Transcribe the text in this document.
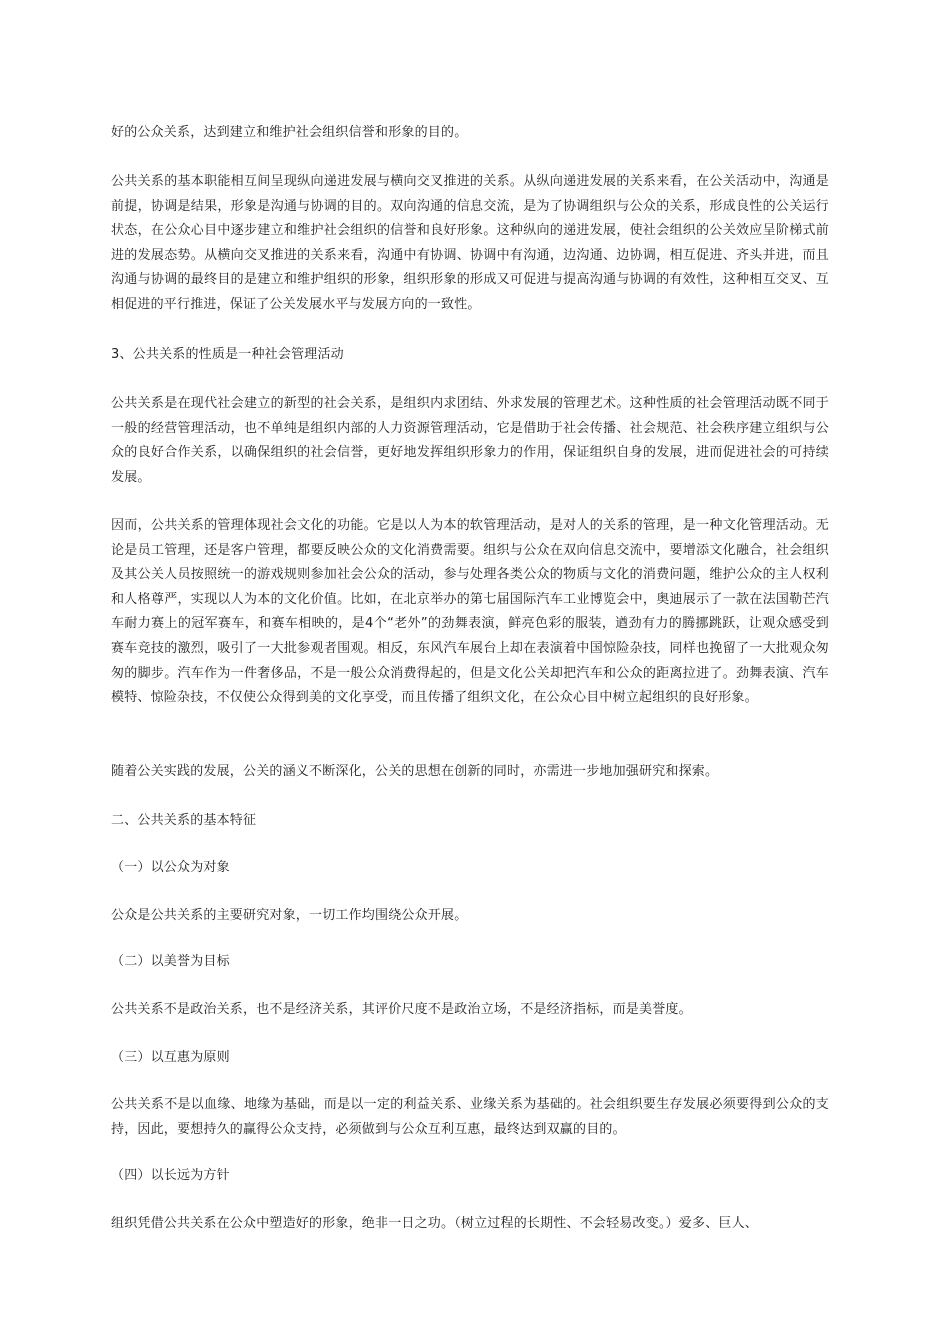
好的公众关系，达到建立和维护社会组织信誉和形象的目的。

公共关系的基本职能相互间呈现纵向递进发展与横向交叉推进的关系。从纵向递进发展的关系来看，在公关活动中，沟通是前提，协调是结果，形象是沟通与协调的目的。双向沟通的信息交流，是为了协调组织与公众的关系，形成良性的公关运行状态，在公众心目中逐步建立和维护社会组织的信誉和良好形象。这种纵向的递进发展，使社会组织的公关效应呈阶梯式前进的发展态势。从横向交叉推进的关系来看，沟通中有协调、协调中有沟通，边沟通、边协调，相互促进、齐头并进，而且沟通与协调的最终目的是建立和维护组织的形象，组织形象的形成又可促进与提高沟通与协调的有效性，这种相互交叉、互相促进的平行推进，保证了公关发展水平与发展方向的一致性。

3、公共关系的性质是一种社会管理活动

公共关系是在现代社会建立的新型的社会关系，是组织内求团结、外求发展的管理艺术。这种性质的社会管理活动既不同于一般的经营管理活动，也不单纯是组织内部的人力资源管理活动，它是借助于社会传播、社会规范、社会秩序建立组织与公众的良好合作关系，以确保组织的社会信誉，更好地发挥组织形象力的作用，保证组织自身的发展，进而促进社会的可持续发展。

因而，公共关系的管理体现社会文化的功能。它是以人为本的软管理活动，是对人的关系的管理，是一种文化管理活动。无论是员工管理，还是客户管理，都要反映公众的文化消费需要。组织与公众在双向信息交流中，要增添文化融合，社会组织及其公关人员按照统一的游戏规则参加社会公众的活动，参与处理各类公众的物质与文化的消费问题，维护公众的主人权利和人格尊严，实现以人为本的文化价值。比如，在北京举办的第七届国际汽车工业博览会中，奥迪展示了一款在法国勒芒汽车耐力赛上的冠军赛车，和赛车相映的，是4个“老外”的劲舞表演，鲜亮色彩的服装，遒劲有力的腾挪跳跃，让观众感受到赛车竞技的激烈，吸引了一大批参观者围观。相反，东风汽车展台上却在表演着中国惊险杂技，同样也挽留了一大批观众匆匆的脚步。汽车作为一件奢侈品，不是一般公众消费得起的，但是文化公关却把汽车和公众的距离拉进了。劲舞表演、汽车模特、惊险杂技，不仅使公众得到美的文化享受，而且传播了组织文化，在公众心目中树立起组织的良好形象。

随着公关实践的发展，公关的涵义不断深化，公关的思想在创新的同时，亦需进一步地加强研究和探索。

二、公共关系的基本特征

（一）以公众为对象

公众是公共关系的主要研究对象，一切工作均围绕公众开展。

（二）以美誉为目标

公共关系不是政治关系，也不是经济关系，其评价尺度不是政治立场，不是经济指标，而是美誉度。

（三）以互惠为原则

公共关系不是以血缘、地缘为基础，而是以一定的利益关系、业缘关系为基础的。社会组织要生存发展必须要得到公众的支持，因此，要想持久的赢得公众支持，必须做到与公众互利互惠，最终达到双赢的目的。

（四）以长远为方针

组织凭借公共关系在公众中塑造好的形象，绝非一日之功。（树立过程的长期性、不会轻易改变。）爱多、巨人、
